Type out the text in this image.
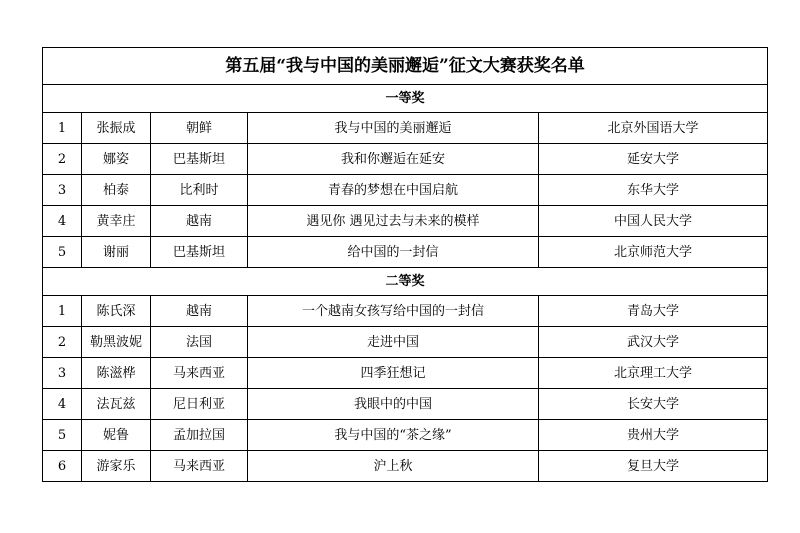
第五届“我与中国的美丽邂逅”征文大赛获奖名单				
一等奖				
1	张振成	朝鲜	我与中国的美丽邂逅	北京外国语大学
2	娜姿	巴基斯坦	我和你邂逅在延安	延安大学
3	柏泰	比利时	青春的梦想在中国启航	东华大学
4	黄幸庄	越南	遇见你 遇见过去与未来的模样	中国人民大学
5	谢丽	巴基斯坦	给中国的一封信	北京师范大学
二等奖				
1	陈氏深	越南	一个越南女孩写给中国的一封信	青岛大学
2	勒黑波妮	法国	走进中国	武汉大学
3	陈滋桦	马来西亚	四季狂想记	北京理工大学
4	法瓦兹	尼日利亚	我眼中的中国	长安大学
5	妮鲁	孟加拉国	我与中国的“茶之缘”	贵州大学
6	游家乐	马来西亚	沪上秋	复旦大学
